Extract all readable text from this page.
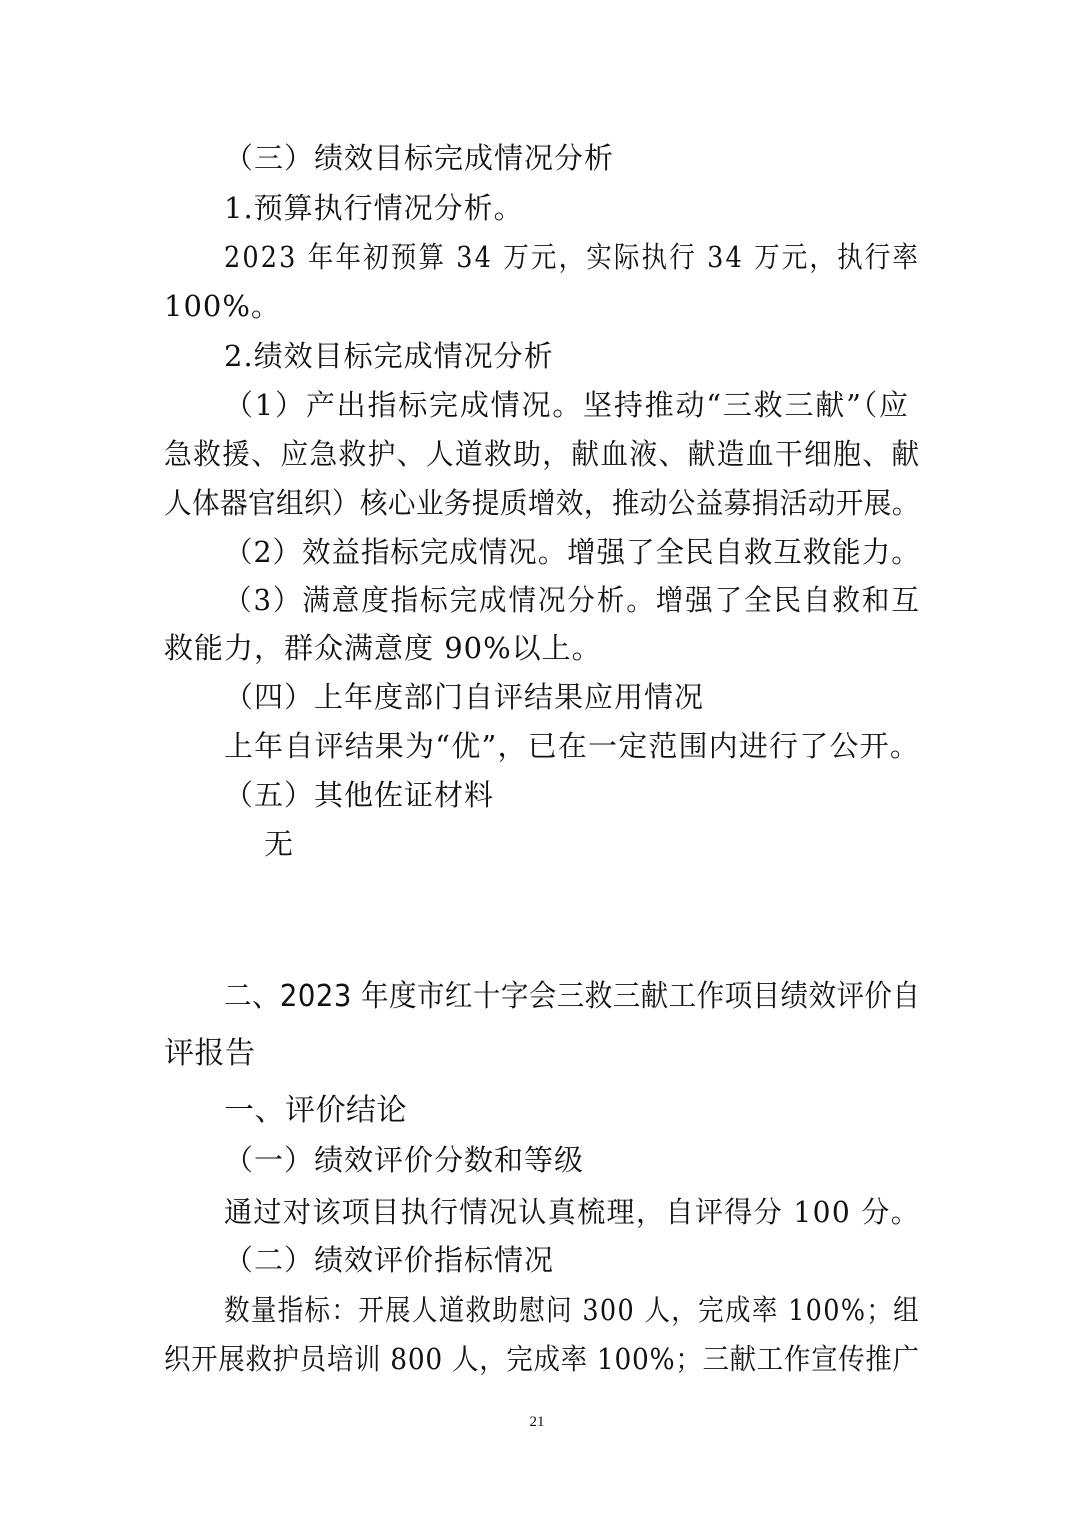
（三）绩效目标完成情况分析
1.预算执行情况分析。
2023 年年初预算 34 万元，实际执行 34 万元，执行率
100%。
2.绩效目标完成情况分析
（1）产出指标完成情况。坚持推动“三救三献”（应
急救援、应急救护、人道救助，献血液、献造血干细胞、献
人体器官组织）核心业务提质增效，推动公益募捐活动开展。
（2）效益指标完成情况。增强了全民自救互救能力。
（3）满意度指标完成情况分析。增强了全民自救和互
救能力，群众满意度 90%以上。
（四）上年度部门自评结果应用情况
上年自评结果为“优”，已在一定范围内进行了公开。
（五）其他佐证材料
无
二、2023 年度市红十字会三救三献工作项目绩效评价自
评报告
一、评价结论
（一）绩效评价分数和等级
通过对该项目执行情况认真梳理，自评得分 100 分。
（二）绩效评价指标情况
数量指标：开展人道救助慰问 300 人，完成率 100%；组
织开展救护员培训 800 人，完成率 100%；三献工作宣传推广
21
